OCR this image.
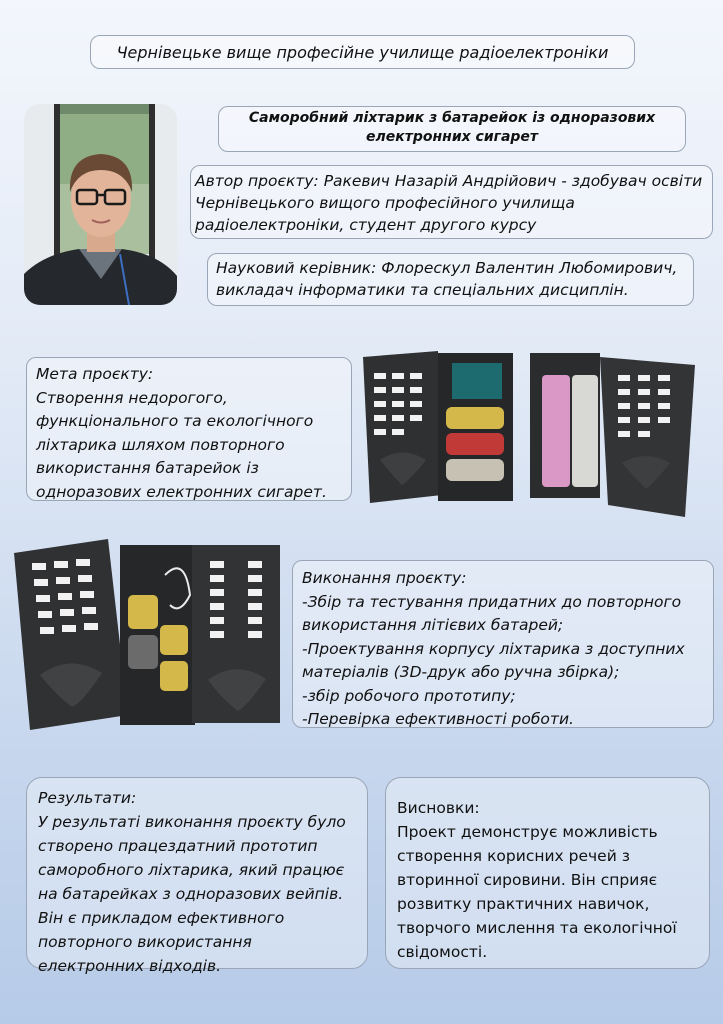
Чернівецьке вище професійне училище радіоелектроніки
Саморобний ліхтарик з батарейок із одноразових
електронних сигарет
Автор проєкту: Ракевич Назарій Андрійович - здобувач освіти
Чернівецького вищого професійного училища
радіоелектроніки, студент другого курсу
Науковий керівник: Флорескул Валентин Любомирович,
викладач інформатики та спеціальних дисциплін.
Мета проєкту:
Створення недорогого,
функціонального та екологічного
ліхтарика шляхом повторного
використання батарейок із
одноразових електронних сигарет.
Виконання проєкту:
-Збір та тестування придатних до повторного
використання літієвих батарей;
-Проектування корпусу ліхтарика з доступних
матеріалів (3D-друк або ручна збірка);
-збір робочого прототипу;
-Перевірка ефективності роботи.
Результати:
У результаті виконання проєкту було
створено працездатний прототип
саморобного ліхтарика, який працює
на батарейках з одноразових вейпів.
Він є прикладом ефективного
повторного використання
електронних відходів.
Висновки:
Проект демонструє можливість
створення корисних речей з
вторинної сировини. Він сприяє
розвитку практичних навичок,
творчого мислення та екологічної
свідомості.
